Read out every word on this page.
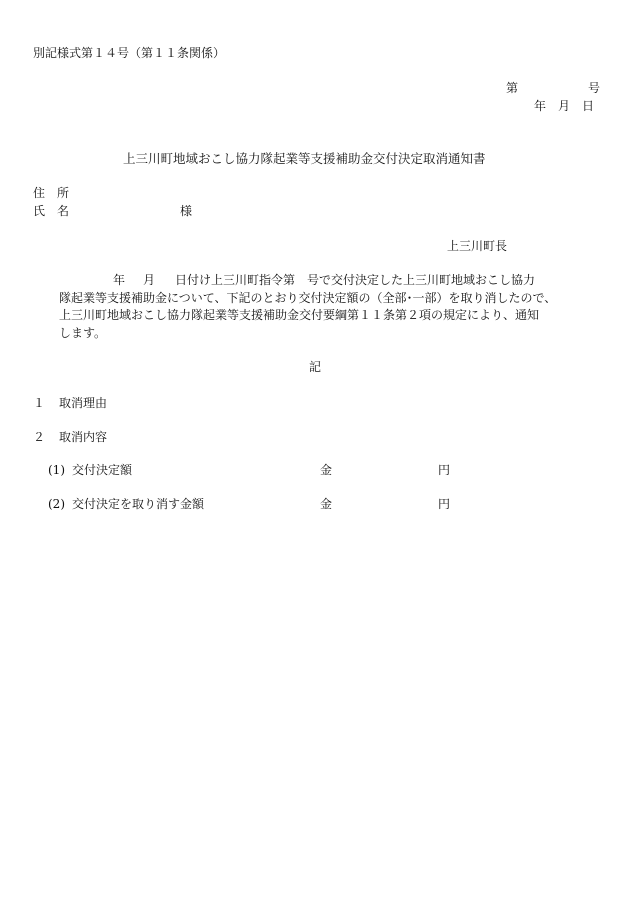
別記様式第１４号（第１１条関係）
第	号
年 月 日
上三川町地域おこし協力隊起業等支援補助金交付決定取消通知書
住 所
氏 名	様
上三川町長
年 月 日付け上三川町指令第 号で交付決定した上三川町地域おこし協力
隊起業等支援補助金について、下記のとおり交付決定額の（全部･一部）を取り消したので、
上三川町地域おこし協力隊起業等支援補助金交付要綱第１１条第２項の規定により、通知
します。
記
１ 取消理由
２ 取消内容
(1) 交付決定額	金	円
(2) 交付決定を取り消す金額	金	円
